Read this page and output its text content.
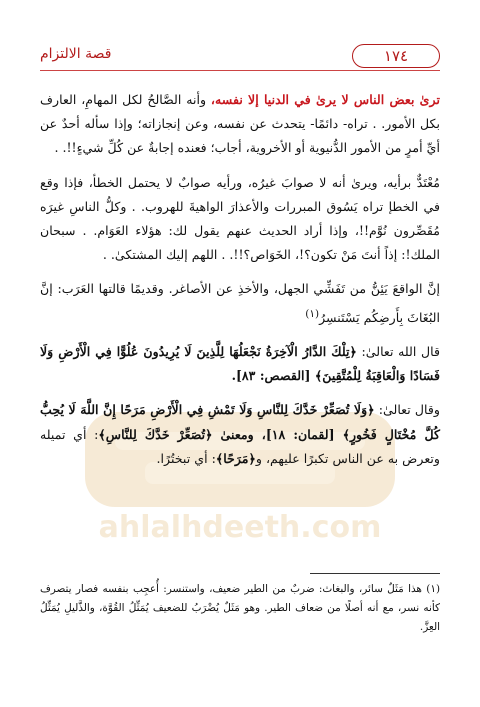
١٧٤
قصة الالتزام
ahlalhdeeth.com

ترىٰ بعض الناس لا يرىٰ في الدنيا إلا نفسه، وأنه الصَّالحُ لكل المهامِ، العارف بكل الأمور. . تراه- دائمًا- يتحدث عن نفسه، وعن إنجازاته؛ وإذا سأله أحدٌ عن أيِّ أمرٍ من الأمور الدُّنيوية أو الأخروية، أجاب؛ فعنده إجابةٌ عن كُلِّ شيءٍ!!. .

مُعْتَدٌّ برأيه، ويرىٰ أنه لا صوابَ غيرُه، ورأيه صوابٌ لا يحتمل الخطأ، فإذا وقع في الخطإ تراه يَسُوق المبررات والأعذارَ الواهيةَ للهروب. . وكلُّ الناسِ غيرَه مُقَصِّرون نُوَّم!!، وإذا أراد الحديث عنهم يقول لك: هؤلاء العَوَام. . سبحان الملك!: إذاً أنتَ مَنْ تكون؟!، الخَوَاص؟!!. . اللهم إليك المشتكىٰ. .

إنَّ الواقعَ يَئِنُّ من تَفَشِّي الجهل، والأخذِ عن الأصاغر. وقديمًا قالتها العَرَب: إنَّ البُغَاثَ بِأَرضِكُم يَسْتَنسِرُ$^{(١)}$

قال الله تعالىٰ: ﴿تِلْكَ الدَّارُ الْآخِرَةُ نَجْعَلُهَا لِلَّذِينَ لَا يُرِيدُونَ عُلُوًّا فِي الْأَرْضِ وَلَا فَسَادًا وَالْعَاقِبَةُ لِلْمُتَّقِينَ﴾ [القصص: ٨٣].

وقال تعالىٰ: ﴿وَلَا تُصَعِّرْ خَدَّكَ لِلنَّاسِ وَلَا تَمْشِ فِي الْأَرْضِ مَرَحًا إِنَّ اللَّهَ لَا يُحِبُّ كُلَّ مُخْتَالٍ فَخُورٍ﴾ [لقمان: ١٨]، ومعنىٰ ﴿تُصَعِّرْ خَدَّكَ لِلنَّاسِ﴾: أي تميله وتعرض به عن الناس تكبرًا عليهم، و﴿مَرَحًا﴾: أي تبختُرًا.

(١) هذا مَثَلٌ سائر، والبغاث: ضربٌ من الطير ضعيف، واستنسر: أُعجِب بنفسه فصار يتصرف كأنه نسر، مع أنه أصلًا من ضعاف الطير. وهو مَثَلٌ يُضْرَبُ للضعيف يُمَثِّلُ القُوَّة، والذَّليلِ يُمَثِّلُ العِزَّ.
